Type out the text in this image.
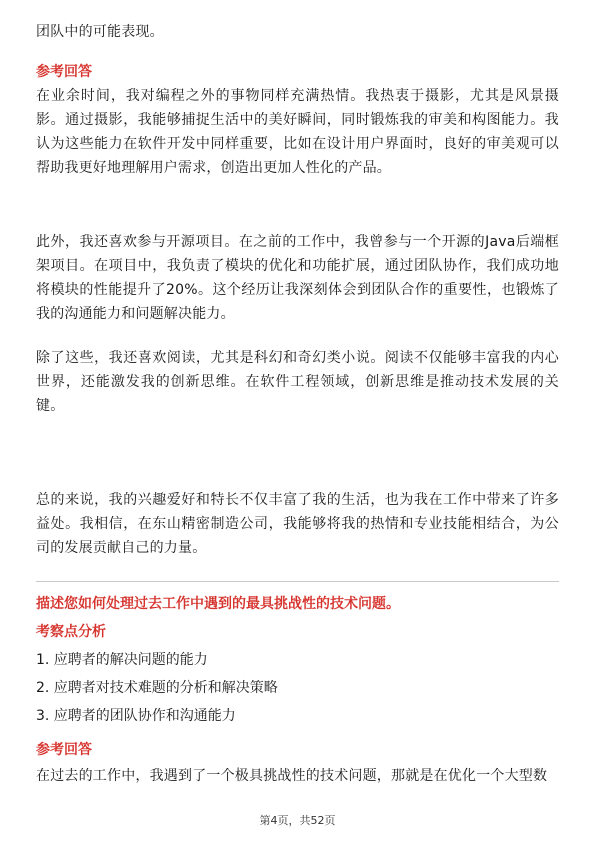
团队中的可能表现。

参考回答

在业余时间，我对编程之外的事物同样充满热情。我热衷于摄影，尤其是风景摄影。通过摄影，我能够捕捉生活中的美好瞬间，同时锻炼我的审美和构图能力。我认为这些能力在软件开发中同样重要，比如在设计用户界面时，良好的审美观可以帮助我更好地理解用户需求，创造出更加人性化的产品。

此外，我还喜欢参与开源项目。在之前的工作中，我曾参与一个开源的Java后端框架项目。在项目中，我负责了模块的优化和功能扩展，通过团队协作，我们成功地将模块的性能提升了20%。这个经历让我深刻体会到团队合作的重要性，也锻炼了我的沟通能力和问题解决能力。

除了这些，我还喜欢阅读，尤其是科幻和奇幻类小说。阅读不仅能够丰富我的内心世界，还能激发我的创新思维。在软件工程领域，创新思维是推动技术发展的关键。

总的来说，我的兴趣爱好和特长不仅丰富了我的生活，也为我在工作中带来了许多益处。我相信，在东山精密制造公司，我能够将我的热情和专业技能相结合，为公司的发展贡献自己的力量。

描述您如何处理过去工作中遇到的最具挑战性的技术问题。

考察点分析

1. 应聘者的解决问题的能力

2. 应聘者对技术难题的分析和解决策略

3. 应聘者的团队协作和沟通能力

参考回答

在过去的工作中，我遇到了一个极具挑战性的技术问题，那就是在优化一个大型数

第4页，共52页
